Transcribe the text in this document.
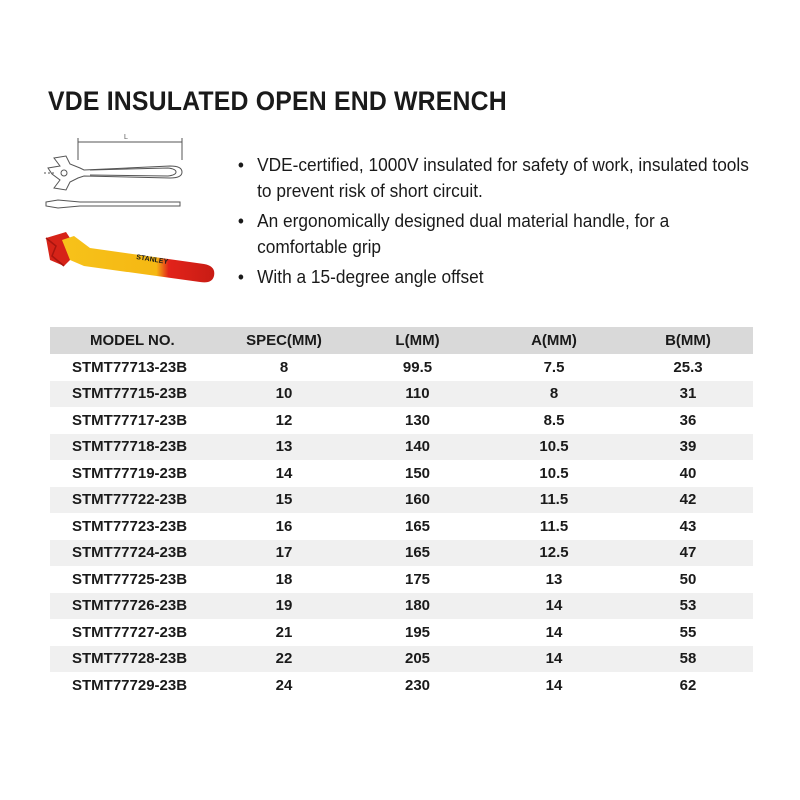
VDE INSULATED OPEN END WRENCH
L
STANLEY
• VDE-certified, 1000V insulated for safety of work, insulated tools to prevent risk of short circuit.
• An ergonomically designed dual material handle, for a comfortable grip
• With a 15-degree angle offset
MODEL NO.	SPEC(MM)	L(MM)	A(MM)	B(MM)
STMT77713-23B	8	99.5	7.5	25.3
STMT77715-23B	10	110	8	31
STMT77717-23B	12	130	8.5	36
STMT77718-23B	13	140	10.5	39
STMT77719-23B	14	150	10.5	40
STMT77722-23B	15	160	11.5	42
STMT77723-23B	16	165	11.5	43
STMT77724-23B	17	165	12.5	47
STMT77725-23B	18	175	13	50
STMT77726-23B	19	180	14	53
STMT77727-23B	21	195	14	55
STMT77728-23B	22	205	14	58
STMT77729-23B	24	230	14	62
